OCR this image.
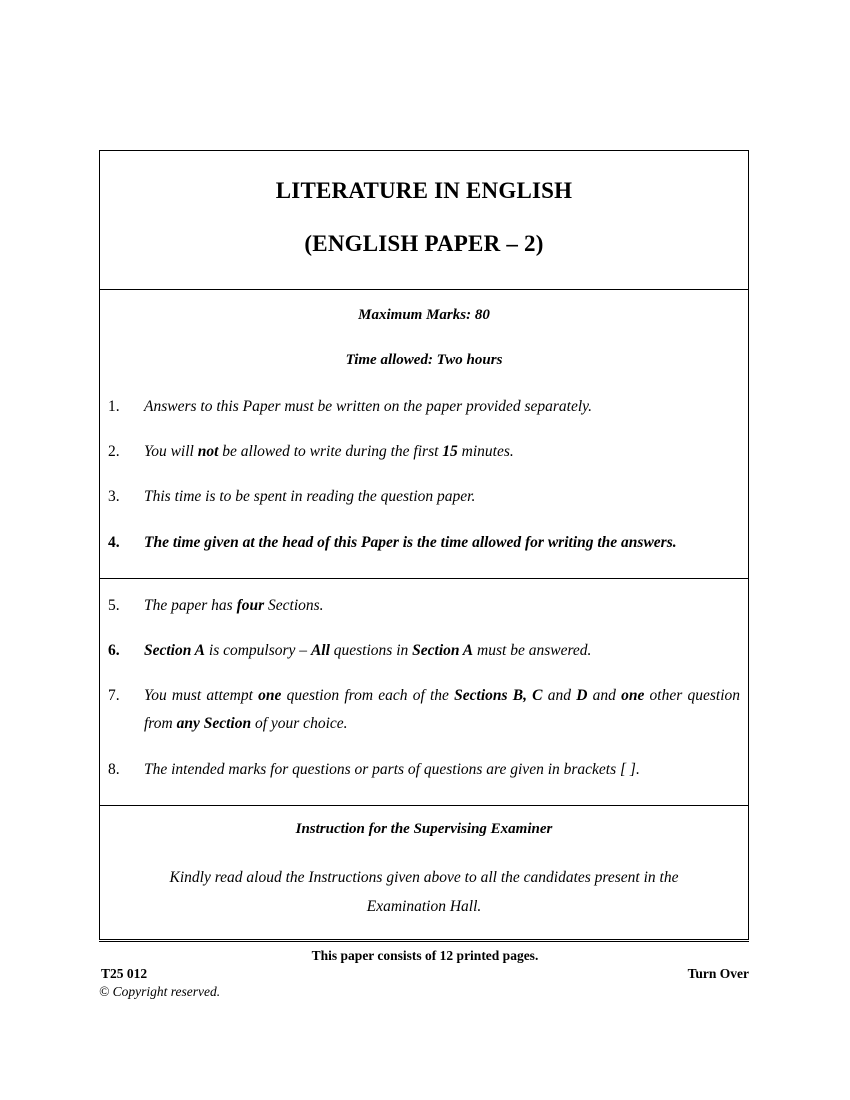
LITERATURE IN ENGLISH
(ENGLISH PAPER – 2)
Maximum Marks: 80
Time allowed: Two hours
1.	Answers to this Paper must be written on the paper provided separately.
2.	You will not be allowed to write during the first 15 minutes.
3.	This time is to be spent in reading the question paper.
4.	The time given at the head of this Paper is the time allowed for writing the answers.
5.	The paper has four Sections.
6.	Section A is compulsory – All questions in Section A must be answered.
7.	You must attempt one question from each of the Sections B, C and D and one other question from any Section of your choice.
8.	The intended marks for questions or parts of questions are given in brackets [ ].
Instruction for the Supervising Examiner
Kindly read aloud the Instructions given above to all the candidates present in the Examination Hall.
This paper consists of 12 printed pages.
T25 012	Turn Over
© Copyright reserved.
